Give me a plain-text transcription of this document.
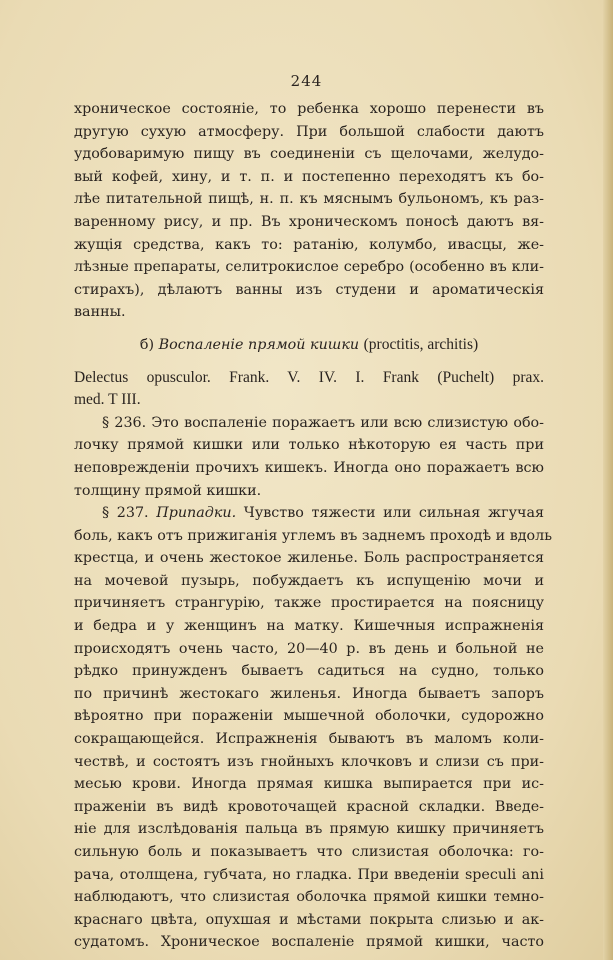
244
хроническое состоянie, то ребенка хорошо перенести въ
другую сухую атмосферу. При большой слабости даютъ
удобоваримую пищу въ соединенiи съ щелочами, желудо-
вый кофей, хину, и т. п. и постепенно переходятъ къ бо-
лѣе питательной пищѣ, н. п. къ мяснымъ бульономъ, къ раз-
варенному рису, и пр. Въ хроническомъ поносѣ даютъ вя-
жущiя средства, какъ то: ратанiю, колумбо, ивасцы, же-
лѣзные препараты, селитрокислое серебро (особенно въ кли-
стирахъ), дѣлаютъ ванны изъ студени и ароматическiя
ванны.
б) Воспаленiе прямой кишки (proctitis, architis)
Delectus opusculor. Frank. V. IV. I. Frank (Puchelt) prax.
med. T III.
§ 236. Это воспаленiе поражаетъ или всю слизистую обо-
лочку прямой кишки или только нѣкоторую ея часть при
неповрежденiи прочихъ кишекъ. Иногда оно поражаетъ всю
толщину прямой кишки.
§ 237. Припадки. Чувство тяжести или сильная жгучая
боль, какъ отъ прижиганiя углемъ въ заднемъ проходѣ и вдоль
крестца, и очень жестокое жиленье. Боль распространяется
на мочевой пузырь, побуждаетъ къ испущенiю мочи и
причиняетъ странгурiю, также простирается на поясницу
и бедра и у женщинъ на матку. Кишечныя испражненiя
происходятъ очень часто, 20—40 р. въ день и больной не
рѣдко принужденъ бываетъ садиться на судно, только
по причинѣ жестокаго жиленья. Иногда бываетъ запоръ
вѣроятно при пораженiи мышечной оболочки, судорожно
сокращающейся. Испражненiя бываютъ въ маломъ коли-
чествѣ, и состоятъ изъ гнойныхъ клочковъ и слизи съ при-
месью крови. Иногда прямая кишка выпирается при ис-
праженiи въ видѣ кровоточащей красной складки. Введе-
нiе для изслѣдованiя пальца въ прямую кишку причиняетъ
сильную боль и показываетъ что слизистая оболочка: го-
рача, отолщена, губчата, но гладка. При введенiи speculi ani
наблюдаютъ, что слизистая оболочка прямой кишки темно-
краснаго цвѣта, опухшая и мѣстами покрыта слизью и ак-
судатомъ. Хроническое воспаленiе прямой кишки, часто
